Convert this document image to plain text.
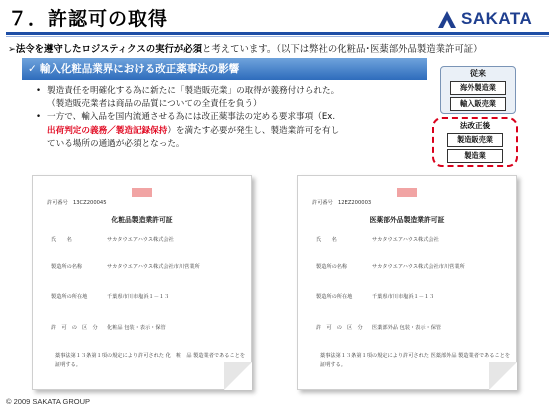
７．許認可の取得	SAKATA
➢法令を遵守したロジスティクスの実行が必須と考えています。（以下は弊社の化粧品･医薬部外品製造業許可証）
✓ 輸入化粧品業界における改正薬事法の影響
• 製造責任を明確化する為に新たに「製造販売業」の取得が義務付けられた。
（製造販売業者は商品の品質についての全責任を負う）
• 一方で、輸入品を国内流通させる為には改正薬事法の定める要求事項（Ex.
出荷判定の義務／製造記録保持）を満たす必要が発生し、製造業許可を有し
ている場所の通過が必須となった。
従来
海外製造業
輸入販売業
法改正後
製造販売業
製造業
許可番号　13CZ200045
化粧品製造業許可証
氏　　名	サカタウエアハウス株式会社
製造所の名称	サカタウエアハウス株式会社市川営業所
製造所の所在地	千葉県市川市塩浜１－１３
許　可　の　区　分 化粧品 包装・表示・保管
薬事法第１３条第１項の規定により許可された 化　粧　品 製造業者であることを
証明する。
許可番号　12EZ200003
医薬部外品製造業許可証
氏　　名	サカタウエアハウス株式会社
製造所の名称	サカタウエアハウス株式会社市川営業所
製造所の所在地	千葉県市川市塩浜１－１３
許　可　の　区　分 医薬部外品 包装・表示・保管
薬事法第１３条第１項の規定により許可された 医薬部外品 製造業者であることを
証明する。
© 2009 SAKATA GROUP
